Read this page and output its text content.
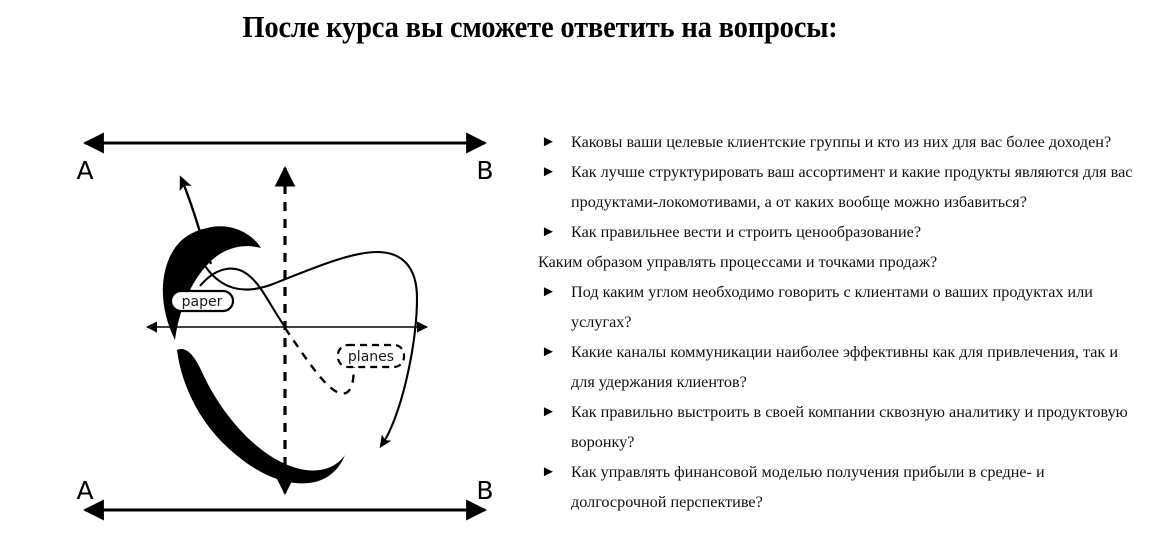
После курса вы сможете ответить на вопросы:
A	B
A	B
paper
planes
► Каковы ваши целевые клиентские группы и кто из них для вас более доходен?
► Как лучше структурировать ваш ассортимент и какие продукты являются для вас продуктами-локомотивами, а от каких вообще можно избавиться?
► Как правильнее вести и строить ценообразование?
Каким образом управлять процессами и точками продаж?
► Под каким углом необходимо говорить с клиентами о ваших продуктах или услугах?
► Какие каналы коммуникации наиболее эффективны как для привлечения, так и для удержания клиентов?
► Как правильно выстроить в своей компании сквозную аналитику и продуктовую воронку?
► Как управлять финансовой моделью получения прибыли в средне- и долгосрочной перспективе?
